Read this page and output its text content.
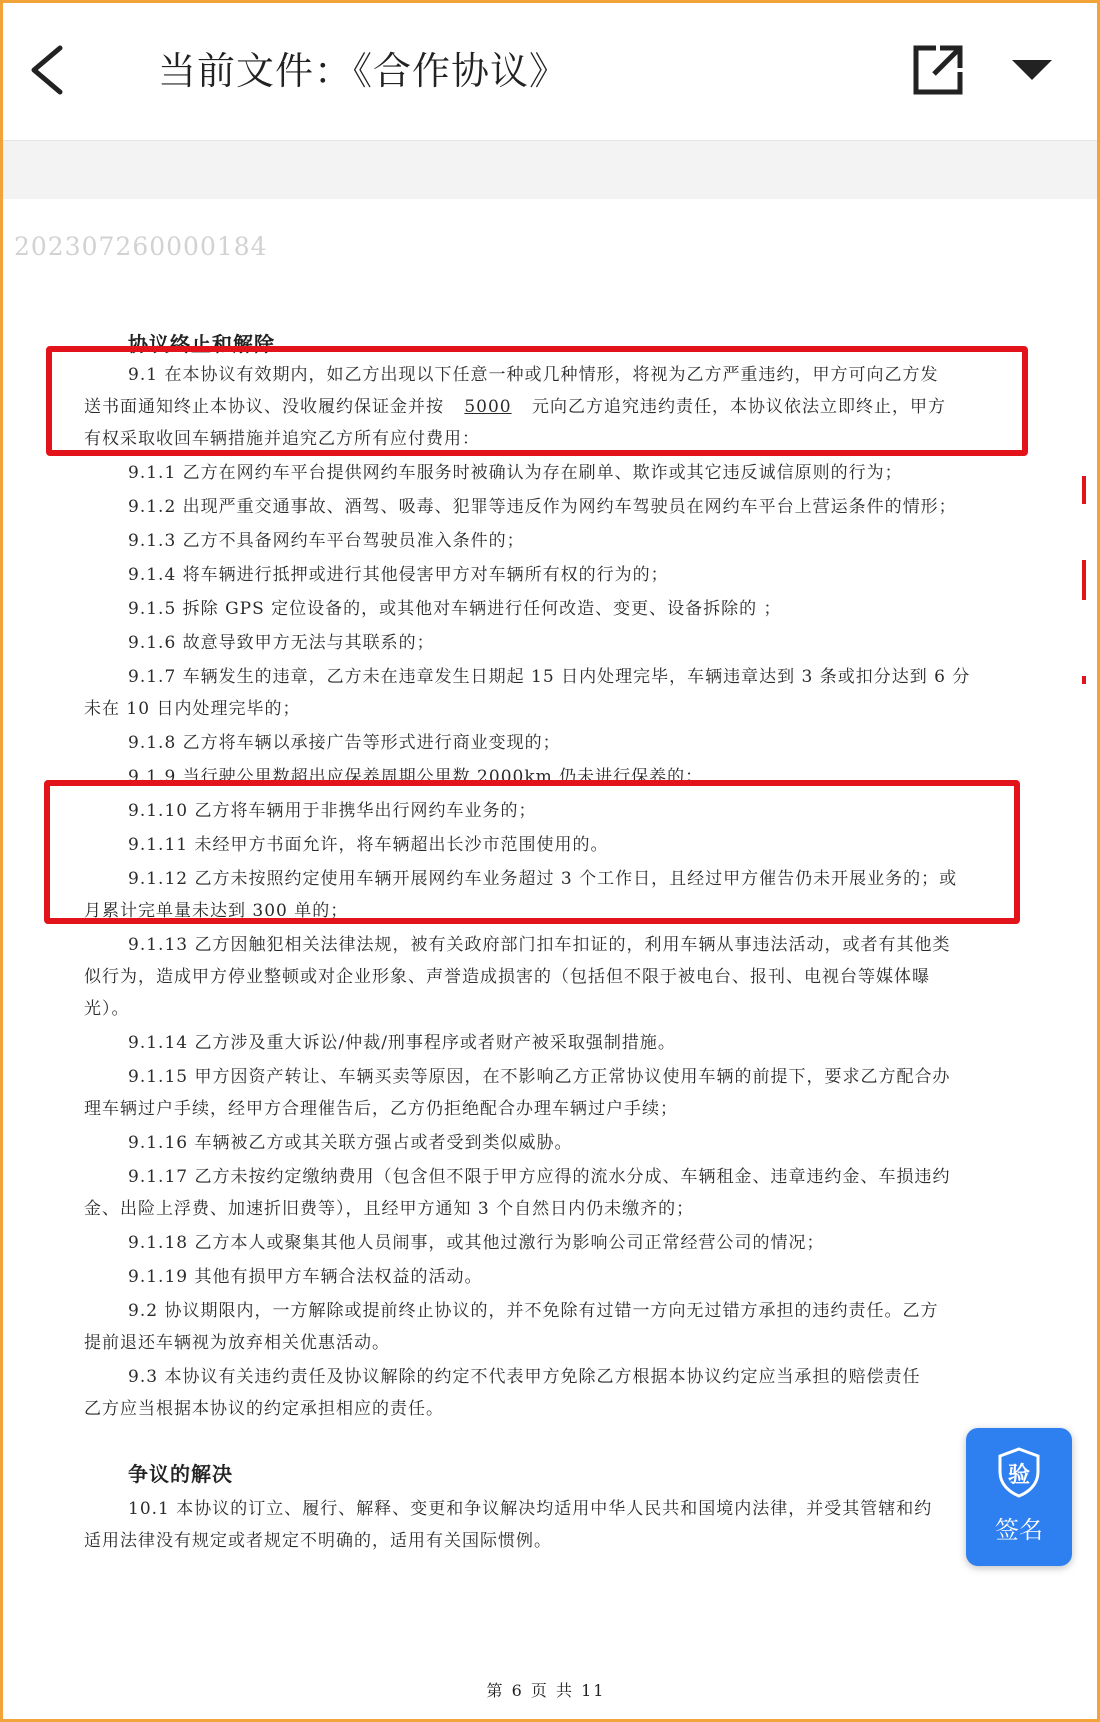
当前文件：《合作协议》
202307260000184
协议终止和解除
9.1 在本协议有效期内，如乙方出现以下任意一种或几种情形，将视为乙方严重违约，甲方可向乙方发
送书面通知终止本协议、没收履约保证金并按 5000 元向乙方追究违约责任，本协议依法立即终止，甲方
有权采取收回车辆措施并追究乙方所有应付费用：
9.1.1 乙方在网约车平台提供网约车服务时被确认为存在刷单、欺诈或其它违反诚信原则的行为；
9.1.2 出现严重交通事故、酒驾、吸毒、犯罪等违反作为网约车驾驶员在网约车平台上营运条件的情形；
9.1.3 乙方不具备网约车平台驾驶员准入条件的；
9.1.4 将车辆进行抵押或进行其他侵害甲方对车辆所有权的行为的；
9.1.5 拆除 GPS 定位设备的，或其他对车辆进行任何改造、变更、设备拆除的 ；
9.1.6 故意导致甲方无法与其联系的；
9.1.7 车辆发生的违章，乙方未在违章发生日期起 15 日内处理完毕，车辆违章达到 3 条或扣分达到 6 分
未在 10 日内处理完毕的；
9.1.8 乙方将车辆以承接广告等形式进行商业变现的；
9.1.9 当行驶公里数超出应保养周期公里数 2000km 仍未进行保养的；
9.1.10 乙方将车辆用于非携华出行网约车业务的；
9.1.11 未经甲方书面允许，将车辆超出长沙市范围使用的。
9.1.12 乙方未按照约定使用车辆开展网约车业务超过 3 个工作日，且经过甲方催告仍未开展业务的；或
月累计完单量未达到 300 单的；
9.1.13 乙方因触犯相关法律法规，被有关政府部门扣车扣证的，利用车辆从事违法活动，或者有其他类
似行为，造成甲方停业整顿或对企业形象、声誉造成损害的（包括但不限于被电台、报刊、电视台等媒体曝
光）。
9.1.14 乙方涉及重大诉讼/仲裁/刑事程序或者财产被采取强制措施。
9.1.15 甲方因资产转让、车辆买卖等原因，在不影响乙方正常协议使用车辆的前提下，要求乙方配合办
理车辆过户手续，经甲方合理催告后，乙方仍拒绝配合办理车辆过户手续；
9.1.16 车辆被乙方或其关联方强占或者受到类似威胁。
9.1.17 乙方未按约定缴纳费用（包含但不限于甲方应得的流水分成、车辆租金、违章违约金、车损违约
金、出险上浮费、加速折旧费等），且经甲方通知 3 个自然日内仍未缴齐的；
9.1.18 乙方本人或聚集其他人员闹事，或其他过激行为影响公司正常经营公司的情况；
9.1.19 其他有损甲方车辆合法权益的活动。
9.2 协议期限内，一方解除或提前终止协议的，并不免除有过错一方向无过错方承担的违约责任。乙方
提前退还车辆视为放弃相关优惠活动。
9.3 本协议有关违约责任及协议解除的约定不代表甲方免除乙方根据本协议约定应当承担的赔偿责任
乙方应当根据本协议的约定承担相应的责任。
争议的解决
10.1 本协议的订立、履行、解释、变更和争议解决均适用中华人民共和国境内法律，并受其管辖和约
适用法律没有规定或者规定不明确的，适用有关国际惯例。
第 6 页 共 11
验
签名
